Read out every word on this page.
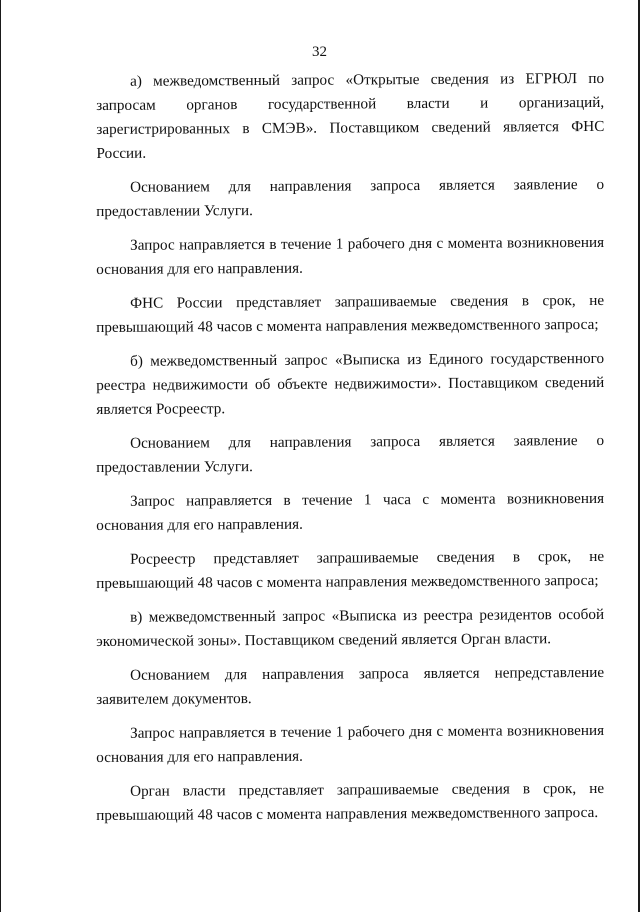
32

а) межведомственный запрос «Открытые сведения из ЕГРЮЛ по запросам органов государственной власти и организаций, зарегистрированных в СМЭВ». Поставщиком сведений является ФНС России.

Основанием для направления запроса является заявление о предоставлении Услуги.

Запрос направляется в течение 1 рабочего дня с момента возникновения основания для его направления.

ФНС России представляет запрашиваемые сведения в срок, не превышающий 48 часов с момента направления межведомственного запроса;

б) межведомственный запрос «Выписка из Единого государственного реестра недвижимости об объекте недвижимости». Поставщиком сведений является Росреестр.

Основанием для направления запроса является заявление о предоставлении Услуги.

Запрос направляется в течение 1 часа с момента возникновения основания для его направления.

Росреестр представляет запрашиваемые сведения в срок, не превышающий 48 часов с момента направления межведомственного запроса;

в) межведомственный запрос «Выписка из реестра резидентов особой экономической зоны». Поставщиком сведений является Орган власти.

Основанием для направления запроса является непредставление заявителем документов.

Запрос направляется в течение 1 рабочего дня с момента возникновения основания для его направления.

Орган власти представляет запрашиваемые сведения в срок, не превышающий 48 часов с момента направления межведомственного запроса.
